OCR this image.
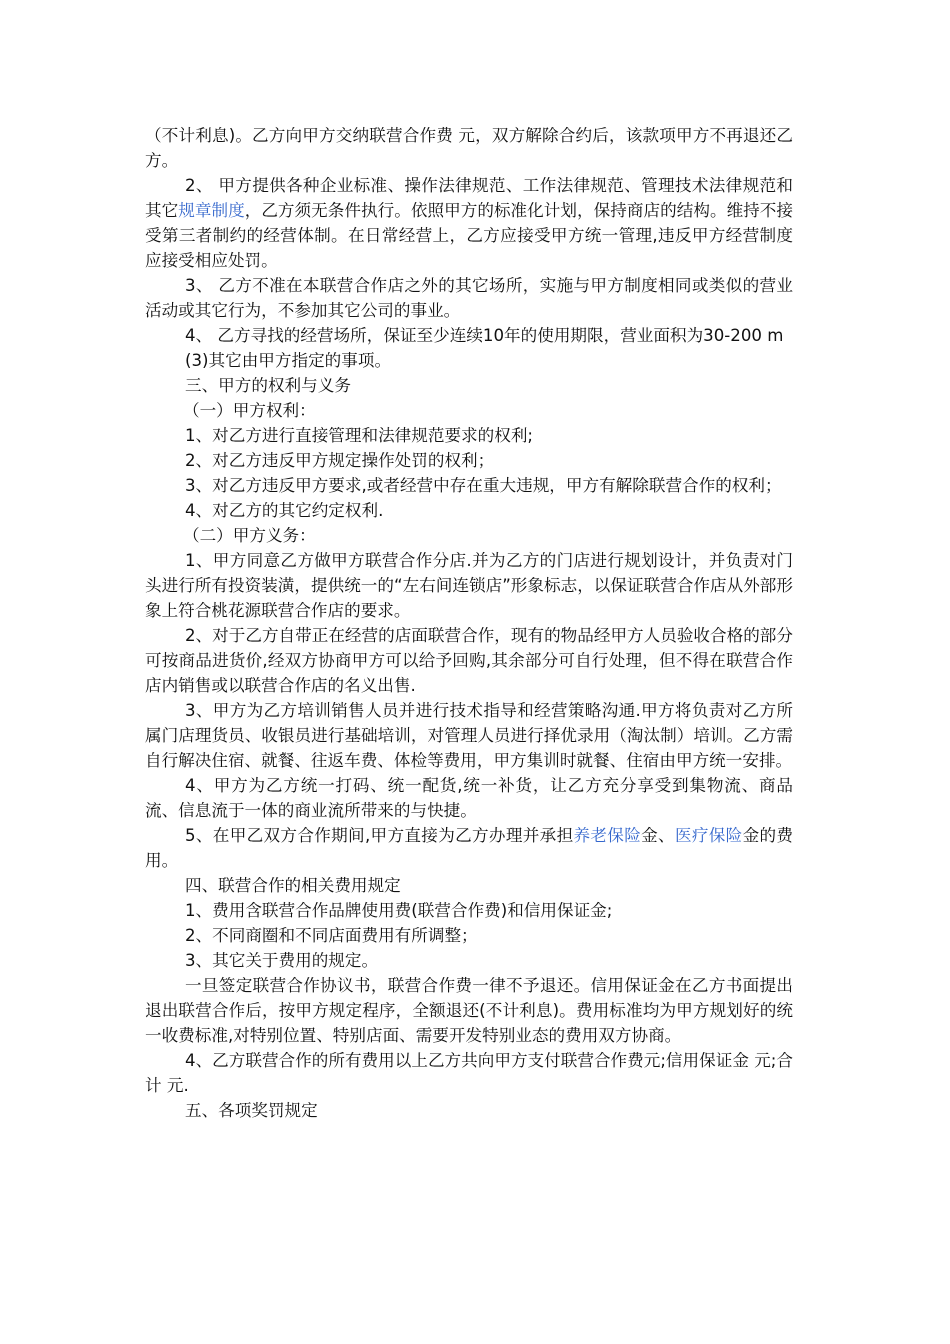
（不计利息)。乙方向甲方交纳联营合作费 元，双方解除合约后，该款项甲方不再退还乙方。

2、 甲方提供各种企业标准、操作法律规范、工作法律规范、管理技术法律规范和其它规章制度，乙方须无条件执行。依照甲方的标准化计划，保持商店的结构。维持不接受第三者制约的经营体制。在日常经营上，乙方应接受甲方统一管理,违反甲方经营制度应接受相应处罚。

3、 乙方不准在本联营合作店之外的其它场所，实施与甲方制度相同或类似的营业活动或其它行为，不参加其它公司的事业。

4、 乙方寻找的经营场所，保证至少连续10年的使用期限，营业面积为30-200 m

(3)其它由甲方指定的事项。

三、甲方的权利与义务

（一）甲方权利：

1、对乙方进行直接管理和法律规范要求的权利;

2、对乙方违反甲方规定操作处罚的权利；

3、对乙方违反甲方要求,或者经营中存在重大违规，甲方有解除联营合作的权利；

4、对乙方的其它约定权利.

（二）甲方义务：

1、甲方同意乙方做甲方联营合作分店.并为乙方的门店进行规划设计，并负责对门头进行所有投资装潢，提供统一的“左右间连锁店”形象标志，以保证联营合作店从外部形象上符合桃花源联营合作店的要求。

2、对于乙方自带正在经营的店面联营合作，现有的物品经甲方人员验收合格的部分可按商品进货价,经双方协商甲方可以给予回购,其余部分可自行处理，但不得在联营合作店内销售或以联营合作店的名义出售.

3、甲方为乙方培训销售人员并进行技术指导和经营策略沟通.甲方将负责对乙方所属门店理货员、收银员进行基础培训，对管理人员进行择优录用（淘汰制）培训。乙方需自行解决住宿、就餐、往返车费、体检等费用，甲方集训时就餐、住宿由甲方统一安排。

4、甲方为乙方统一打码、统一配货,统一补货，让乙方充分享受到集物流、商品流、信息流于一体的商业流所带来的与快捷。

5、在甲乙双方合作期间,甲方直接为乙方办理并承担养老保险金、医疗保险金的费用。

四、联营合作的相关费用规定

1、费用含联营合作品牌使用费(联营合作费)和信用保证金;

2、不同商圈和不同店面费用有所调整；

3、其它关于费用的规定。

一旦签定联营合作协议书，联营合作费一律不予退还。信用保证金在乙方书面提出退出联营合作后，按甲方规定程序，全额退还(不计利息)。费用标准均为甲方规划好的统一收费标准,对特别位置、特别店面、需要开发特别业态的费用双方协商。

4、乙方联营合作的所有费用以上乙方共向甲方支付联营合作费元;信用保证金 元;合计 元.

五、各项奖罚规定
